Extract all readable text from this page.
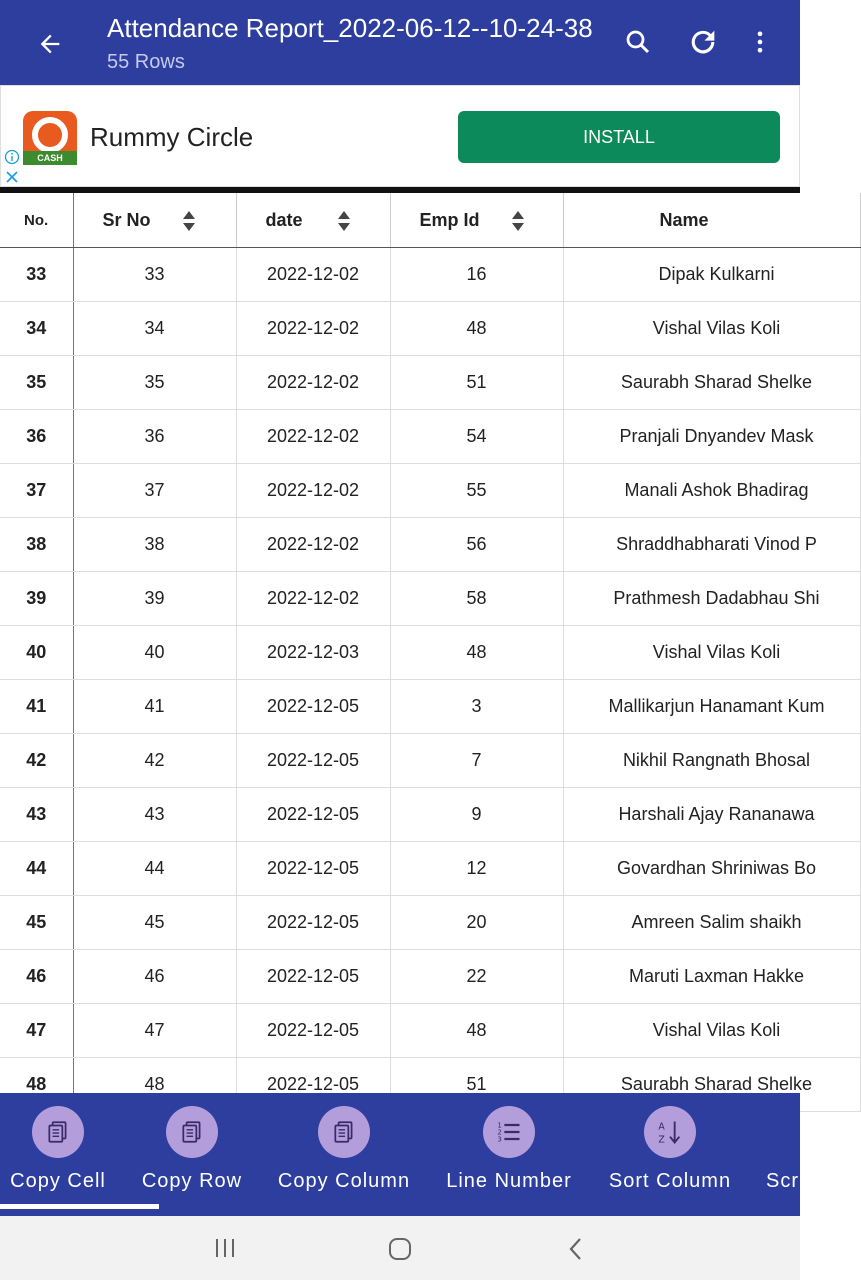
Attendance Report_2022-06-12--10-24-38
55 Rows
CASH
Rummy Circle	INSTALL
No.	Sr No	date	Emp Id	Name

33	33	2022-12-02	16	Dipak Kulkarni
34	34	2022-12-02	48	Vishal Vilas Koli
35	35	2022-12-02	51	Saurabh Sharad Shelke
36	36	2022-12-02	54	Pranjali Dnyandev Mask
37	37	2022-12-02	55	Manali Ashok Bhadirag
38	38	2022-12-02	56	Shraddhabharati Vinod P
39	39	2022-12-02	58	Prathmesh Dadabhau Shi
40	40	2022-12-03	48	Vishal Vilas Koli
41	41	2022-12-05	3	Mallikarjun Hanamant Kum
42	42	2022-12-05	7	Nikhil Rangnath Bhosal
43	43	2022-12-05	9	Harshali Ajay Rananawa
44	44	2022-12-05	12	Govardhan Shriniwas Bo
45	45	2022-12-05	20	Amreen Salim shaikh
46	46	2022-12-05	22	Maruti Laxman Hakke
47	47	2022-12-05	48	Vishal Vilas Koli
48	48	2022-12-05	51	Saurabh Sharad Shelke
Copy Cell Copy Row Copy Column
1
2
3
Line Number
A
Z
Sort Column Scr
